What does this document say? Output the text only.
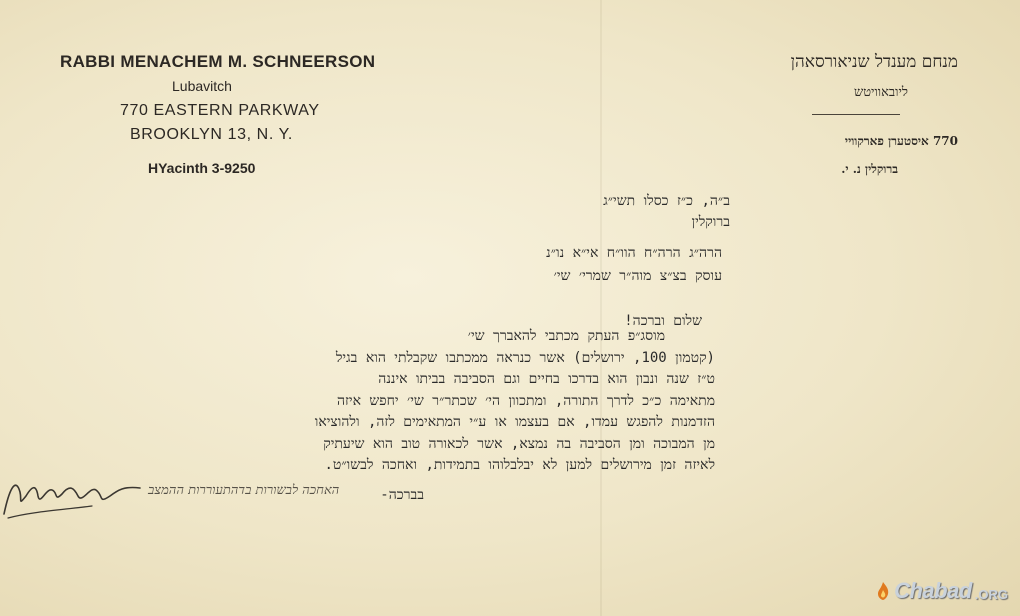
RABBI MENACHEM M. SCHNEERSON
Lubavitch
770 EASTERN PARKWAY
BROOKLYN 13, N. Y.
HYacinth 3-9250
מנחם מענדל שניאורסאהן
ליובאוויטש
770 איסטערן פארקוויי
ברוקלין נ. י.
ב״ה, כ״ז כסלו תשי״ג
ברוקלין
הרה״ג הרה״ח הוו״ח אי״א נו״נ
עוסק בצ״צ מוה״ר שמרי׳ שי׳
שלום וברכה!
מוסג״פ העתק מכתבי להאברך שי׳
(קטמון 100, ירושלים) אשר כנראה ממכתבו שקבלתי הוא בגיל
ט״ז שנה ונבון הוא בדרכו בחיים וגם הסביבה בביתו איננה
מתאימה כ״כ לדרך התורה, ומתכוון הי׳ שכתר״ר שי׳ יחפש איזה
הזדמנות להפגש עמדו, אם בעצמו או ע״י המתאימים לזה, ולהוציאו
מן המבוכה ומן הסביבה בה נמצא, אשר לכאורה טוב הוא שיעתיק
לאיזה זמן מירושלים למען לא יבלבלוהו בתמידות, ואחכה לבשו״ט.
בברכה-
האחכה לבשורות בדהתעוררות ההמצב
Chabad .ORG
